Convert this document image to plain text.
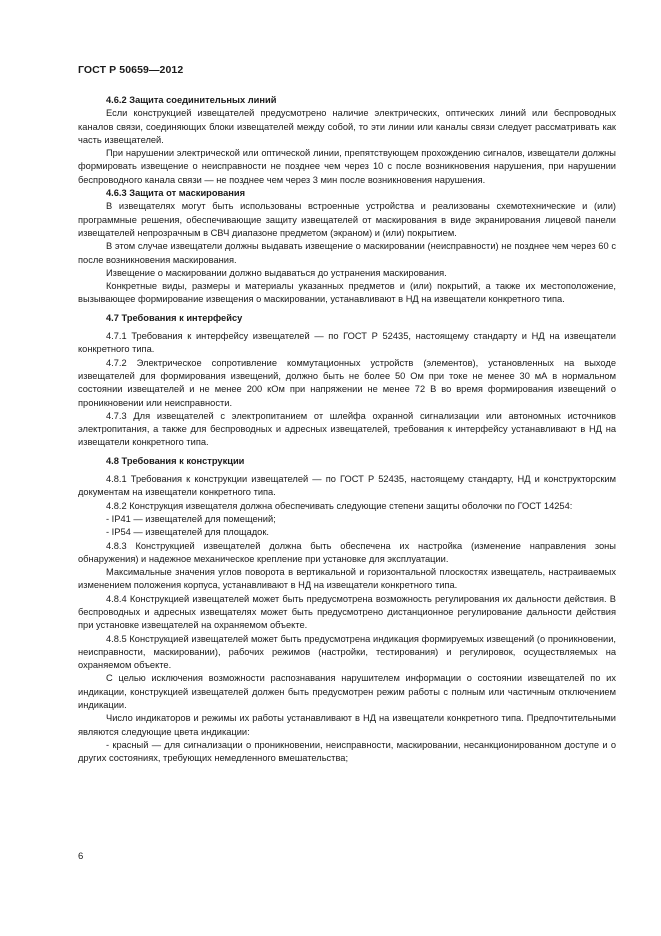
ГОСТ Р 50659—2012
4.6.2 Защита соединительных линий

Если конструкцией извещателей предусмотрено наличие электрических, оптических линий или беспроводных каналов связи, соединяющих блоки извещателей между собой, то эти линии или каналы связи следует рассматривать как часть извещателей.

При нарушении электрической или оптической линии, препятствующем прохождению сигналов, извещатели должны формировать извещение о неисправности не позднее чем через 10 с после возникновения нарушения, при нарушении беспроводного канала связи — не позднее чем через 3 мин после возникновения нарушения.

4.6.3 Защита от маскирования

В извещателях могут быть использованы встроенные устройства и реализованы схемотехнические и (или) программные решения, обеспечивающие защиту извещателей от маскирования в виде экранирования лицевой панели извещателей непрозрачным в СВЧ диапазоне предметом (экраном) и (или) покрытием.

В этом случае извещатели должны выдавать извещение о маскировании (неисправности) не позднее чем через 60 с после возникновения маскирования.

Извещение о маскировании должно выдаваться до устранения маскирования.

Конкретные виды, размеры и материалы указанных предметов и (или) покрытий, а также их местоположение, вызывающее формирование извещения о маскировании, устанавливают в НД на извещатели конкретного типа.

4.7 Требования к интерфейсу

4.7.1 Требования к интерфейсу извещателей — по ГОСТ Р 52435, настоящему стандарту и НД на извещатели конкретного типа.

4.7.2 Электрическое сопротивление коммутационных устройств (элементов), установленных на выходе извещателей для формирования извещений, должно быть не более 50 Ом при токе не менее 30 мА в нормальном состоянии извещателей и не менее 200 кОм при напряжении не менее 72 В во время формирования извещений о проникновении или неисправности.

4.7.3 Для извещателей с электропитанием от шлейфа охранной сигнализации или автономных источников электропитания, а также для беспроводных и адресных извещателей, требования к интерфейсу устанавливают в НД на извещатели конкретного типа.

4.8 Требования к конструкции

4.8.1 Требования к конструкции извещателей — по ГОСТ Р 52435, настоящему стандарту, НД и конструкторским документам на извещатели конкретного типа.

4.8.2 Конструкция извещателя должна обеспечивать следующие степени защиты оболочки по ГОСТ 14254:

- IP41 — извещателей для помещений;

- IP54 — извещателей для площадок.

4.8.3 Конструкцией извещателей должна быть обеспечена их настройка (изменение направления зоны обнаружения) и надежное механическое крепление при установке для эксплуатации.

Максимальные значения углов поворота в вертикальной и горизонтальной плоскостях извещатель, настраиваемых изменением положения корпуса, устанавливают в НД на извещатели конкретного типа.

4.8.4 Конструкцией извещателей может быть предусмотрена возможность регулирования их дальности действия. В беспроводных и адресных извещателях может быть предусмотрено дистанционное регулирование дальности действия при установке извещателей на охраняемом объекте.

4.8.5 Конструкцией извещателей может быть предусмотрена индикация формируемых извещений (о проникновении, неисправности, маскировании), рабочих режимов (настройки, тестирования) и регулировок, осуществляемых на охраняемом объекте.

С целью исключения возможности распознавания нарушителем информации о состоянии извещателей по их индикации, конструкцией извещателей должен быть предусмотрен режим работы с полным или частичным отключением индикации.

Число индикаторов и режимы их работы устанавливают в НД на извещатели конкретного типа. Предпочтительными являются следующие цвета индикации:

- красный — для сигнализации о проникновении, неисправности, маскировании, несанкционированном доступе и о других состояниях, требующих немедленного вмешательства;

6
